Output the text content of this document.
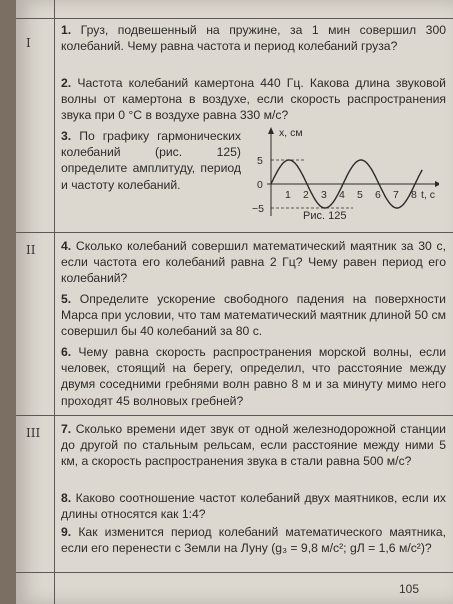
I
II
III

1. Груз, подвешенный на пружине, за 1 мин совершил 300 колебаний. Чему равна частота и период колебаний груза?

2. Частота колебаний камертона 440 Гц. Какова длина звуковой волны от камертона в воздухе, если скорость распространения звука при 0 °С в воздухе равна 330 м/с?

3. По графику гармонических колебаний (рис. 125) определите амплитуду, период и частоту колебаний.

x, см
t, с
5
0
−5
1 2 3 4 5 6 7 8
Рис. 125

4. Сколько колебаний совершил математический маятник за 30 с, если частота его колебаний равна 2 Гц? Чему равен период его колебаний?

5. Определите ускорение свободного падения на поверхности Марса при условии, что там математический маятник длиной 50 см совершил бы 40 колебаний за 80 с.

6. Чему равна скорость распространения морской волны, если человек, стоящий на берегу, определил, что расстояние между двумя соседними гребнями волн равно 8 м и за минуту мимо него проходят 45 волновых гребней?

7. Сколько времени идет звук от одной железнодорожной станции до другой по стальным рельсам, если расстояние между ними 5 км, а скорость распространения звука в стали равна 500 м/с?

8. Каково соотношение частот колебаний двух маятников, если их длины относятся как 1:4?

9. Как изменится период колебаний математического маятника, если его перенести с Земли на Луну (g₃ = 9,8 м/с²; gЛ = 1,6 м/с²)?

105
